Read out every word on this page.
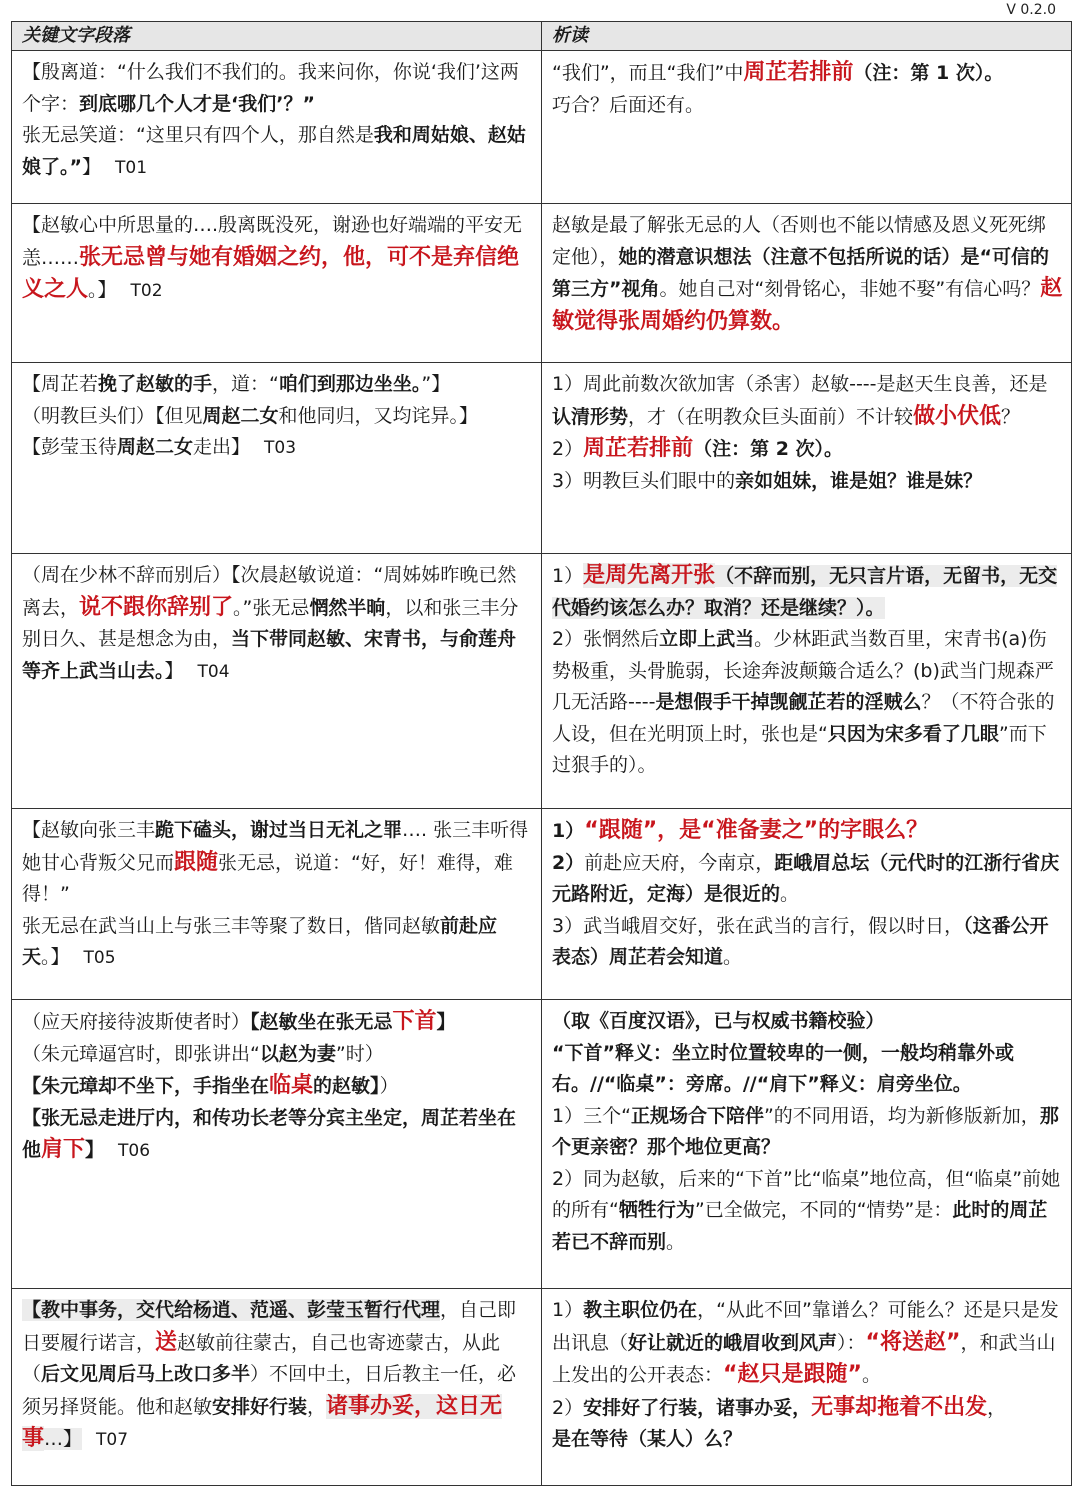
V 0.2.0
关键文字段落	析读
【殷离道：“什么我们不我们的。我来问你，你说‘我们’这两个字：到底哪几个人才是‘我们’？”
张无忌笑道：“这里只有四个人，那自然是我和周姑娘、赵姑娘了。”】 T01	“我们”，而且“我们”中周芷若排前（注：第 1 次）。
巧合？后面还有。
【赵敏心中所思量的….殷离既没死，谢逊也好端端的平安无恙……张无忌曾与她有婚姻之约，他，可不是弃信绝义之人。】 T02	赵敏是最了解张无忌的人（否则也不能以情感及恩义死死绑定他），她的潜意识想法（注意不包括所说的话）是“可信的第三方”视角。她自己对“刻骨铭心，非她不娶”有信心吗？赵敏觉得张周婚约仍算数。
【周芷若挽了赵敏的手，道：“咱们到那边坐坐。”】
（明教巨头们）【但见周赵二女和他同归，又均诧异。】
【彭莹玉待周赵二女走出】 T03	1）周此前数次欲加害（杀害）赵敏----是赵天生良善，还是认清形势，才（在明教众巨头面前）不计较做小伏低？
2）周芷若排前（注：第 2 次）。
3）明教巨头们眼中的亲如姐妹，谁是姐？谁是妹？
（周在少林不辞而别后）【次晨赵敏说道：“周姊姊昨晚已然离去，说不跟你辞别了。”张无忌惘然半晌，以和张三丰分别日久、甚是想念为由，当下带同赵敏、宋青书，与俞莲舟等齐上武当山去。】 T04	1）是周先离开张（不辞而别，无只言片语，无留书，无交代婚约该怎么办？取消？还是继续？）。
2）张惘然后立即上武当。少林距武当数百里，宋青书(a)伤势极重，头骨脆弱，长途奔波颠簸合适么？(b)武当门规森严几无活路----是想假手干掉觊觎芷若的淫贼么？（不符合张的人设，但在光明顶上时，张也是“只因为宋多看了几眼”而下过狠手的）。
【赵敏向张三丰跪下磕头，谢过当日无礼之罪…. 张三丰听得她甘心背叛父兄而跟随张无忌，说道：“好，好！难得，难得！”
张无忌在武当山上与张三丰等聚了数日，偕同赵敏前赴应天。】 T05	1）“跟随”，是“准备妻之”的字眼么？
2）前赴应天府，今南京，距峨眉总坛（元代时的江浙行省庆元路附近，定海）是很近的。
3）武当峨眉交好，张在武当的言行，假以时日，（这番公开表态）周芷若会知道。
（应天府接待波斯使者时）【赵敏坐在张无忌下首】
（朱元璋逼宫时，即张讲出“以赵为妻”时）
【朱元璋却不坐下，手指坐在临桌的赵敏】）
【张无忌走进厅内，和传功长老等分宾主坐定，周芷若坐在他肩下】 T06	（取《百度汉语》，已与权威书籍校验）
“下首”释义：坐立时位置较卑的一侧，一般均稍靠外或右。//“临桌”：旁席。//“肩下”释义：肩旁坐位。
1）三个“正规场合下陪伴”的不同用语，均为新修版新加，那个更亲密？那个地位更高？
2）同为赵敏，后来的“下首”比“临桌”地位高，但“临桌”前她的所有“牺牲行为”已全做完，不同的“情势”是：此时的周芷若已不辞而别。
【教中事务，交代给杨逍、范遥、彭莹玉暂行代理，自己即日要履行诺言，送赵敏前往蒙古，自己也寄迹蒙古，从此（后文见周后马上改口多半）不回中土，日后教主一任，必须另择贤能。他和赵敏安排好行装，诸事办妥，这日无事…】 T07	1）教主职位仍在，“从此不回”靠谱么？可能么？还是只是发出讯息（好让就近的峨眉收到风声）：“将送赵”，和武当山上发出的公开表态：“赵只是跟随”。
2）安排好了行装，诸事办妥，无事却拖着不出发，
是在等待（某人）么？
